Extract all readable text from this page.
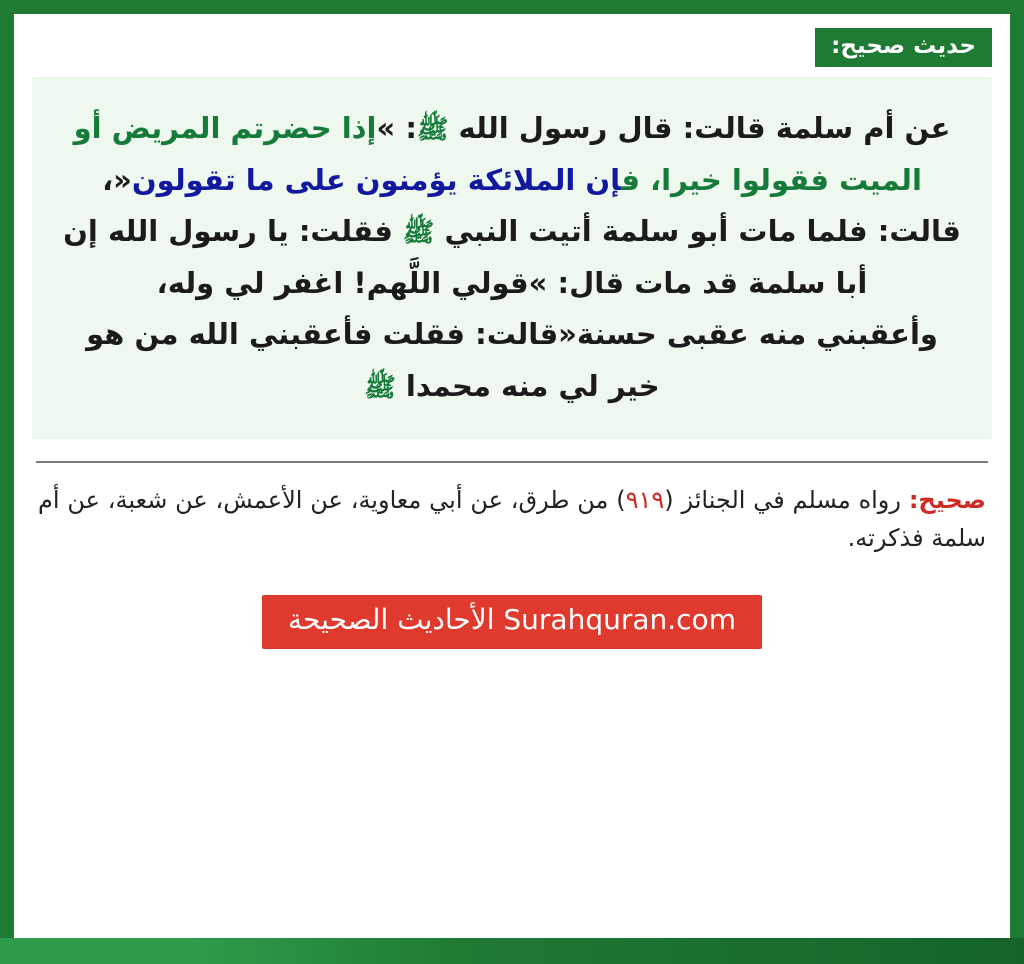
حديث صحيح:

عن أم سلمة قالت: قال رسول الله ﷺ: »إذا حضرتم المريض أو الميت فقولوا خيرا، فإن الملائكة يؤمنون على ما تقولون«، قالت: فلما مات أبو سلمة أتيت النبي ﷺ فقلت: يا رسول الله إن أبا سلمة قد مات قال: »قولي اللَّهم! اغفر لي وله،
وأعقبني منه عقبى حسنة«قالت: فقلت فأعقبني الله من هو خير لي منه محمدا ﷺ

صحيح: رواه مسلم في الجنائز (٩١٩) من طرق، عن أبي معاوية، عن الأعمش، عن شعبة، عن أم سلمة فذكرته.

Surahquran.com الأحاديث الصحيحة
